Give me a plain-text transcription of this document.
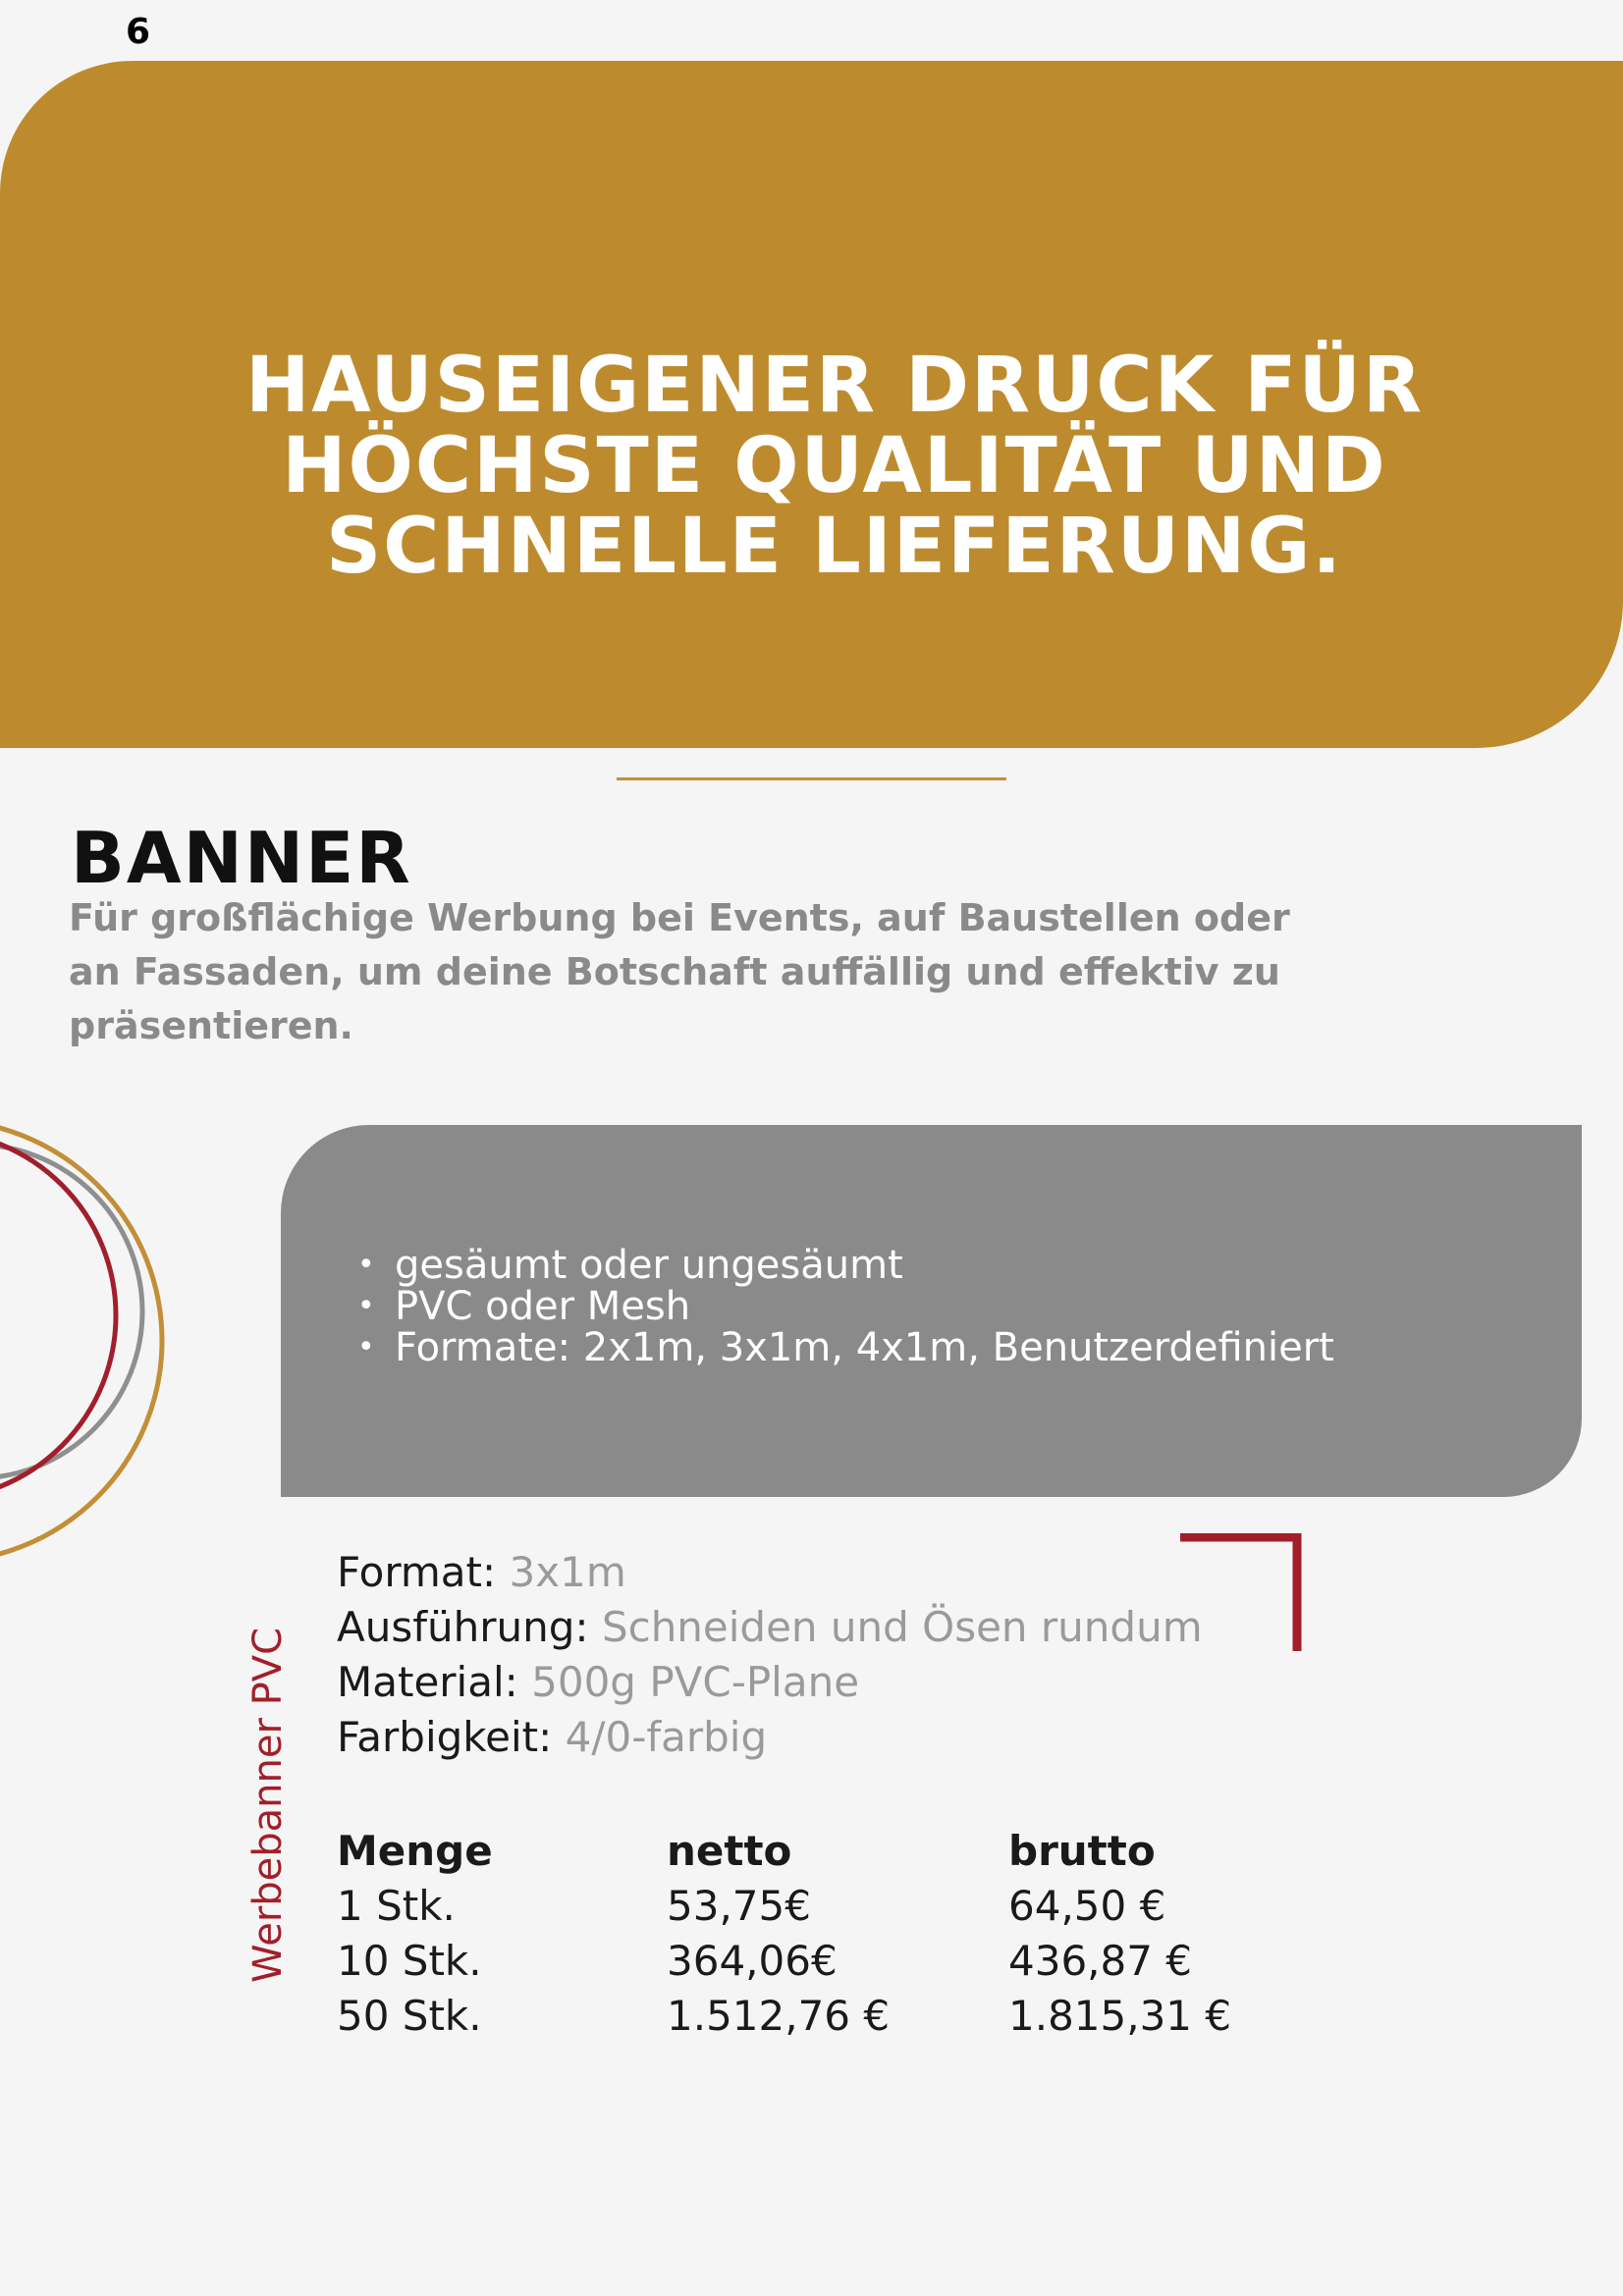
6
HAUSEIGENER DRUCK FÜR
HÖCHSTE QUALITÄT UND
SCHNELLE LIEFERUNG.
BANNER
Für großflächige Werbung bei Events, auf Baustellen oder
an Fassaden, um deine Botschaft auffällig und effektiv zu
präsentieren.
• gesäumt oder ungesäumt
• PVC oder Mesh
• Formate: 2x1m, 3x1m, 4x1m, Benutzerdefiniert
Werbebanner PVC
Format: 3x1m
Ausführung: Schneiden und Ösen rundum
Material: 500g PVC-Plane
Farbigkeit: 4/0-farbig
Menge	netto	brutto
1 Stk.	53,75€	64,50 €
10 Stk.	364,06€	436,87 €
50 Stk.	1.512,76 €	1.815,31 €
